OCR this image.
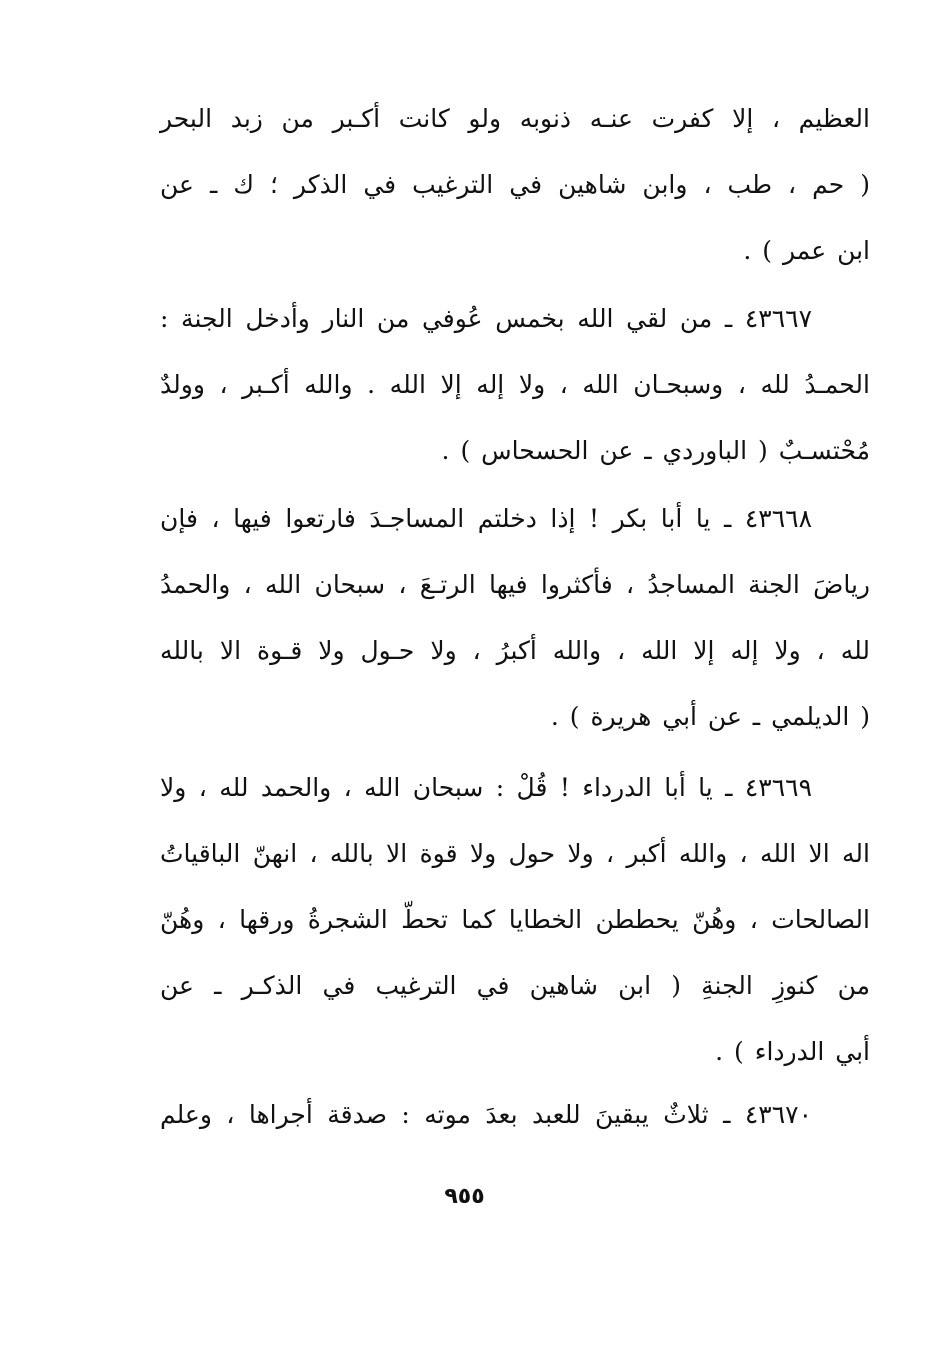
العظيم ، إلا كفرت عنـه ذنوبه ولو كانت أكـبر من زبد البحر
( حم ، طب ، وابن شاهين في الترغيب في الذكر ؛ ك ـ عن
ابن عمر ) .
٤٣٦٦٧ ـ من لقي الله بخمس عُوفي من النار وأدخل الجنة :
الحمـدُ لله ، وسبحـان الله ، ولا إله إلا الله . والله أكـبر ، وولدٌ
مُحْتسـبٌ ( الباوردي ـ عن الحسحاس ) .
٤٣٦٦٨ ـ يا أبا بكر ! إذا دخلتم المساجـدَ فارتعوا فيها ، فإن
رياضَ الجنة المساجدُ ، فأكثروا فيها الرتـعَ ، سبحان الله ، والحمدُ
لله ، ولا إله إلا الله ، والله أكبرُ ، ولا حـول ولا قـوة الا بالله
( الديلمي ـ عن أبي هريرة ) .
٤٣٦٦٩ ـ يا أبا الدرداء ! قُلْ : سبحان الله ، والحمد لله ، ولا
اله الا الله ، والله أكبر ، ولا حول ولا قوة الا بالله ، انهنّ الباقياتُ
الصالحات ، وهُنّ يحططن الخطايا كما تحطّ الشجرةُ ورقها ، وهُنّ
من كنوزِ الجنةِ ( ابن شاهين في الترغيب في الذكـر ـ عن
أبي الدرداء ) .
٤٣٦٧٠ ـ ثلاثٌ يبقينَ للعبد بعدَ موته : صدقة أجراها ، وعلم
٩٥٥
